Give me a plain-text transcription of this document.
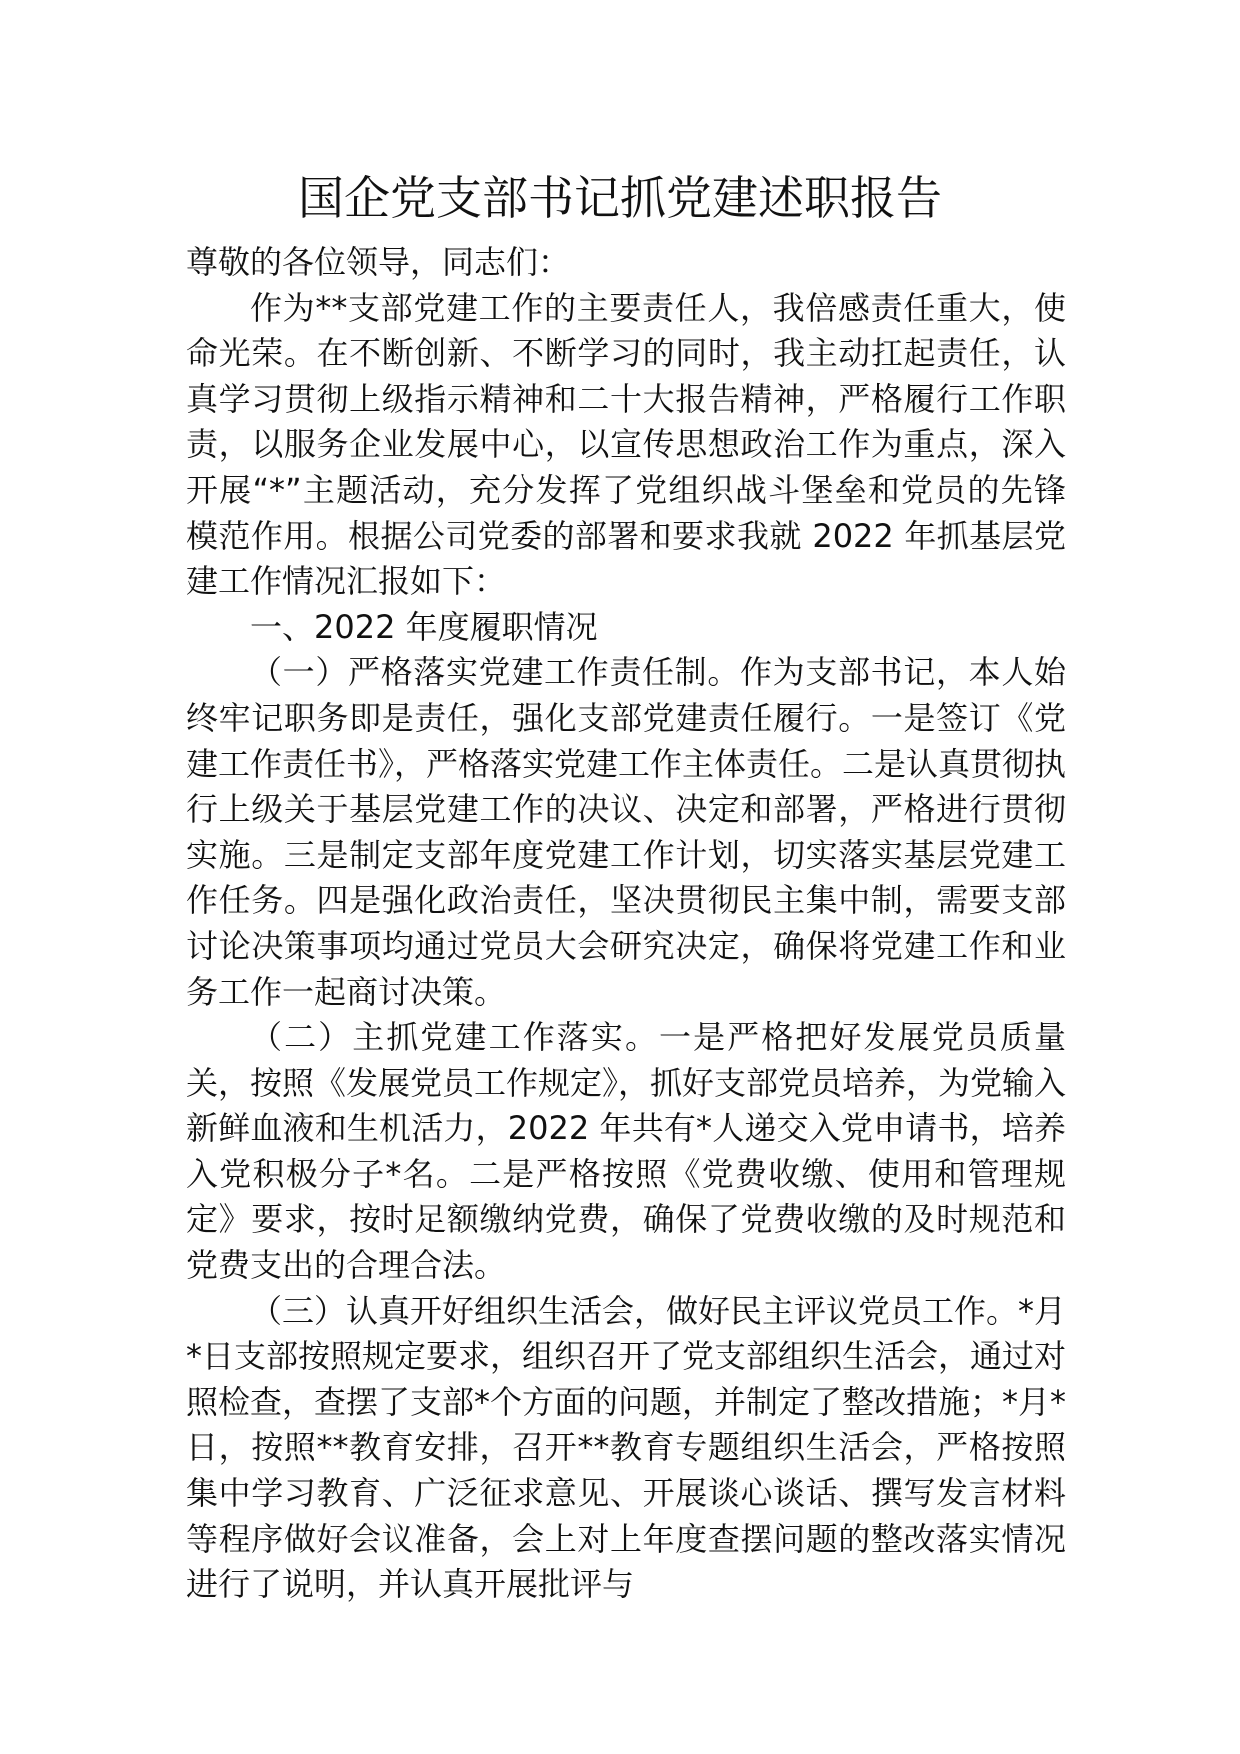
国企党支部书记抓党建述职报告

尊敬的各位领导，同志们：

作为**支部党建工作的主要责任人，我倍感责任重大，使命光荣。在不断创新、不断学习的同时，我主动扛起责任，认真学习贯彻上级指示精神和二十大报告精神，严格履行工作职责，以服务企业发展中心，以宣传思想政治工作为重点，深入开展“*”主题活动，充分发挥了党组织战斗堡垒和党员的先锋模范作用。根据公司党委的部署和要求我就 2022 年抓基层党建工作情况汇报如下：

一、2022 年度履职情况

（一）严格落实党建工作责任制。作为支部书记，本人始终牢记职务即是责任，强化支部党建责任履行。一是签订《党建工作责任书》，严格落实党建工作主体责任。二是认真贯彻执行上级关于基层党建工作的决议、决定和部署，严格进行贯彻实施。三是制定支部年度党建工作计划，切实落实基层党建工作任务。四是强化政治责任，坚决贯彻民主集中制，需要支部讨论决策事项均通过党员大会研究决定，确保将党建工作和业务工作一起商讨决策。

（二）主抓党建工作落实。一是严格把好发展党员质量关，按照《发展党员工作规定》，抓好支部党员培养，为党输入新鲜血液和生机活力，2022 年共有*人递交入党申请书，培养入党积极分子*名。二是严格按照《党费收缴、使用和管理规定》要求，按时足额缴纳党费，确保了党费收缴的及时规范和党费支出的合理合法。

（三）认真开好组织生活会，做好民主评议党员工作。*月*日支部按照规定要求，组织召开了党支部组织生活会，通过对照检查，查摆了支部*个方面的问题，并制定了整改措施；*月*日，按照**教育安排，召开**教育专题组织生活会，严格按照集中学习教育、广泛征求意见、开展谈心谈话、撰写发言材料等程序做好会议准备，会上对上年度查摆问题的整改落实情况进行了说明，并认真开展批评与
